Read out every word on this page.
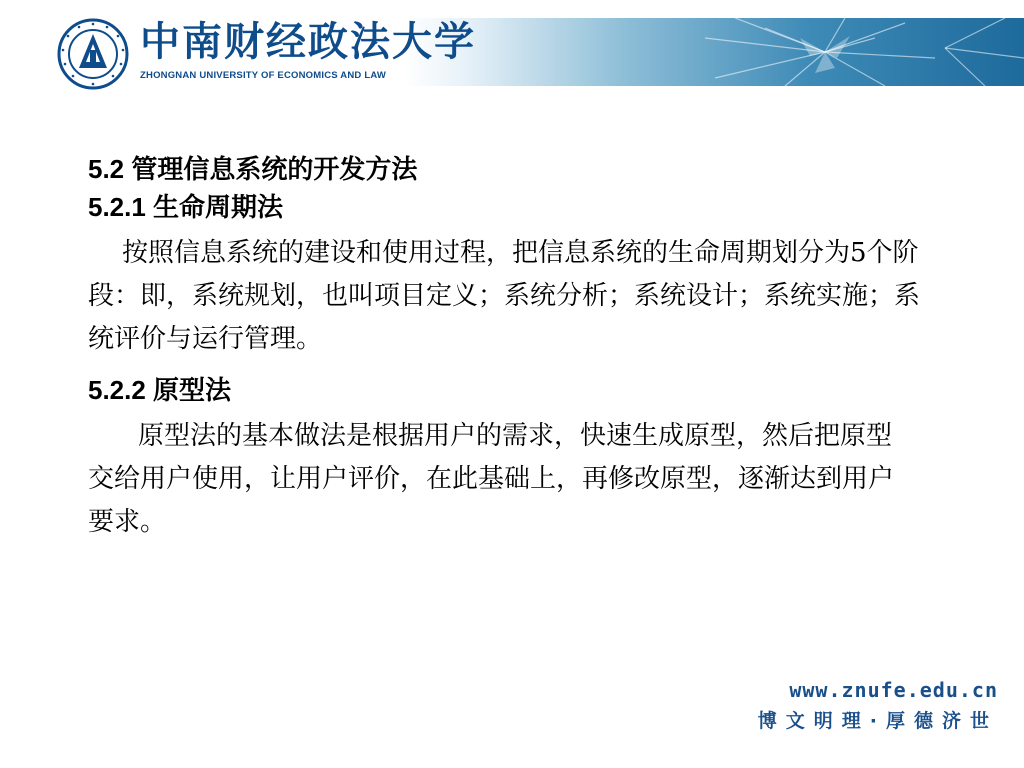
中南财经政法大学
ZHONGNAN UNIVERSITY OF ECONOMICS AND LAW

5.2 管理信息系统的开发方法

5.2.1 生命周期法

按照信息系统的建设和使用过程，把信息系统的生命周期划分为5个阶段：即，系统规划，也叫项目定义；系统分析；系统设计；系统实施；系统评价与运行管理。

5.2.2 原型法

原型法的基本做法是根据用户的需求，快速生成原型，然后把原型交给用户使用，让用户评价，在此基础上，再修改原型，逐渐达到用户要求。

www.znufe.edu.cn
博文明理·厚德济世
